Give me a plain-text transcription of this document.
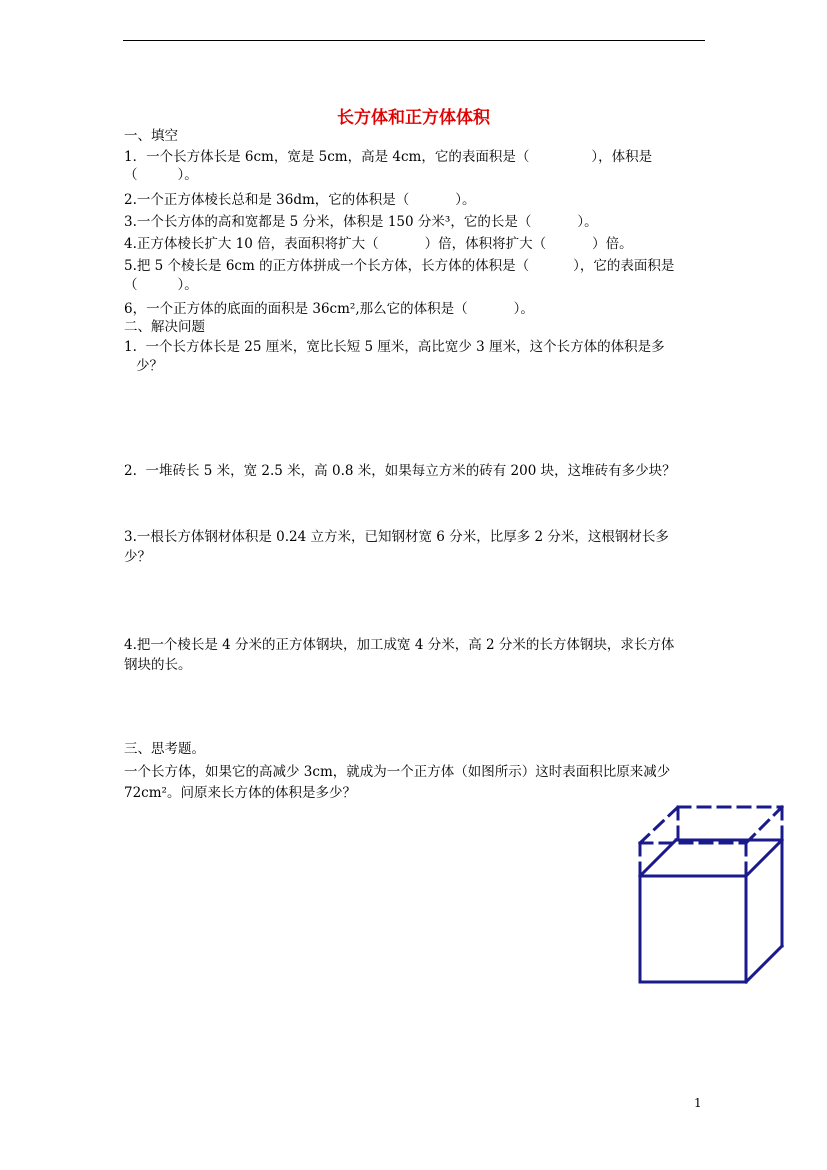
长方体和正方体体积
一、填空
1．一个长方体长是 6cm，宽是 5cm，高是 4cm，它的表面积是（	），体积是
（	）。
2.一个正方体棱长总和是 36dm，它的体积是（	）。
3.一个长方体的高和宽都是 5 分米，体积是 150 分米³，它的长是（	）。
4.正方体棱长扩大 10 倍，表面积将扩大（	）倍，体积将扩大（	）倍。
5.把 5 个棱长是 6cm 的正方体拼成一个长方体，长方体的体积是（	），它的表面积是
（	）。
6，一个正方体的底面的面积是 36cm²,那么它的体积是（	）。
二、解决问题
1.  一个长方体长是 25 厘米，宽比长短 5 厘米，高比宽少 3 厘米，这个长方体的体积是多
少？
2.  一堆砖长 5 米，宽 2.5 米，高 0.8 米，如果每立方米的砖有 200 块，这堆砖有多少块？
3.一根长方体钢材体积是 0.24 立方米，已知钢材宽 6 分米，比厚多 2 分米，这根钢材长多
少？
4.把一个棱长是 4 分米的正方体钢块，加工成宽 4 分米，高 2 分米的长方体钢块，求长方体
钢块的长。
三、思考题。
一个长方体，如果它的高减少 3cm，就成为一个正方体（如图所示）这时表面积比原来减少
72cm²。问原来长方体的体积是多少？
1
